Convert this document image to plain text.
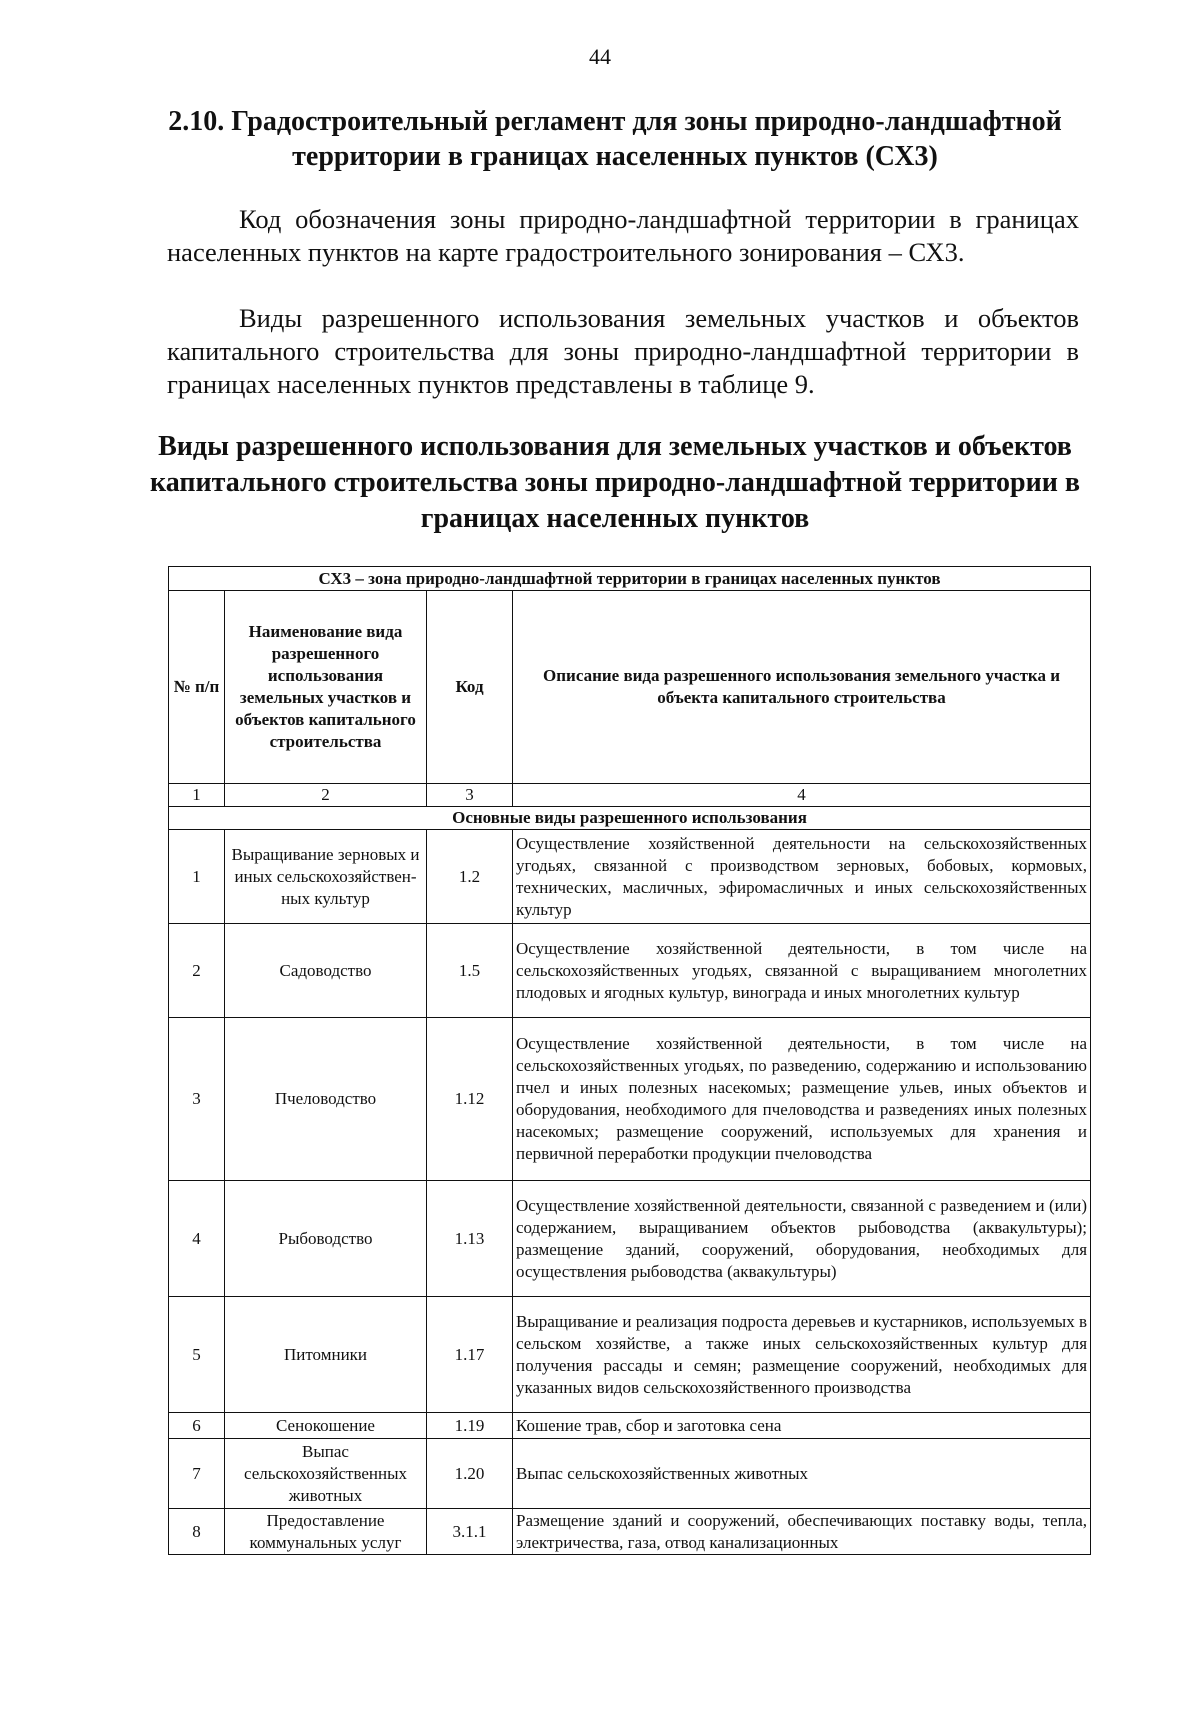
44
2.10. Градостроительный регламент для зоны природно-ландшафтной территории в границах населенных пунктов (СХ3)
Код обозначения зоны природно-ландшафтной территории в границах населенных пунктов на карте градостроительного зонирования – СХ3.
Виды разрешенного использования земельных участков и объектов капитального строительства для зоны природно-ландшафтной территории в границах населенных пунктов представлены в таблице 9.
Виды разрешенного использования для земельных участков и объектов капитального строительства зоны природно-ландшафтной территории в границах населенных пунктов
СХ3 – зона природно-ландшафтной территории в границах населенных пунктов			
№ п/п	Наименование вида разрешенного использования земельных участков и объектов капитального строительства	Код	Описание вида разрешенного использования земельного участка и объекта капитального строительства
1	2	3	4
Основные виды разрешенного использования			
1	Выращивание зерновых и иных сельскохозяйствен-ных культур	1.2	Осуществление хозяйственной деятельности на сельскохозяйственных угодьях, связанной с производством зерновых, бобовых, кормовых, технических, масличных, эфиромасличных и иных сельскохозяйственных культур
2	Садоводство	1.5	Осуществление хозяйственной деятельности, в том числе на сельскохозяйственных угодьях, связанной с выращиванием многолетних плодовых и ягодных культур, винограда и иных многолетних культур
3	Пчеловодство	1.12	Осуществление хозяйственной деятельности, в том числе на сельскохозяйственных угодьях, по разведению, содержанию и использованию пчел и иных полезных насекомых; размещение ульев, иных объектов и оборудования, необходимого для пчеловодства и разведениях иных полезных насекомых; размещение сооружений, используемых для хранения и первичной переработки продукции пчеловодства
4	Рыбоводство	1.13	Осуществление хозяйственной деятельности, связанной с разведением и (или) содержанием, выращиванием объектов рыбоводства (аквакультуры); размещение зданий, сооружений, оборудования, необходимых для осуществления рыбоводства (аквакультуры)
5	Питомники	1.17	Выращивание и реализация подроста деревьев и кустарников, используемых в сельском хозяйстве, а также иных сельскохозяйственных культур для получения рассады и семян; размещение сооружений, необходимых для указанных видов сельскохозяйственного производства
6	Сенокошение	1.19	Кошение трав, сбор и заготовка сена
7	Выпас сельскохозяйственных животных	1.20	Выпас сельскохозяйственных животных
8	Предоставление коммунальных услуг	3.1.1	Размещение зданий и сооружений, обеспечивающих поставку воды, тепла, электричества, газа, отвод канализационных
